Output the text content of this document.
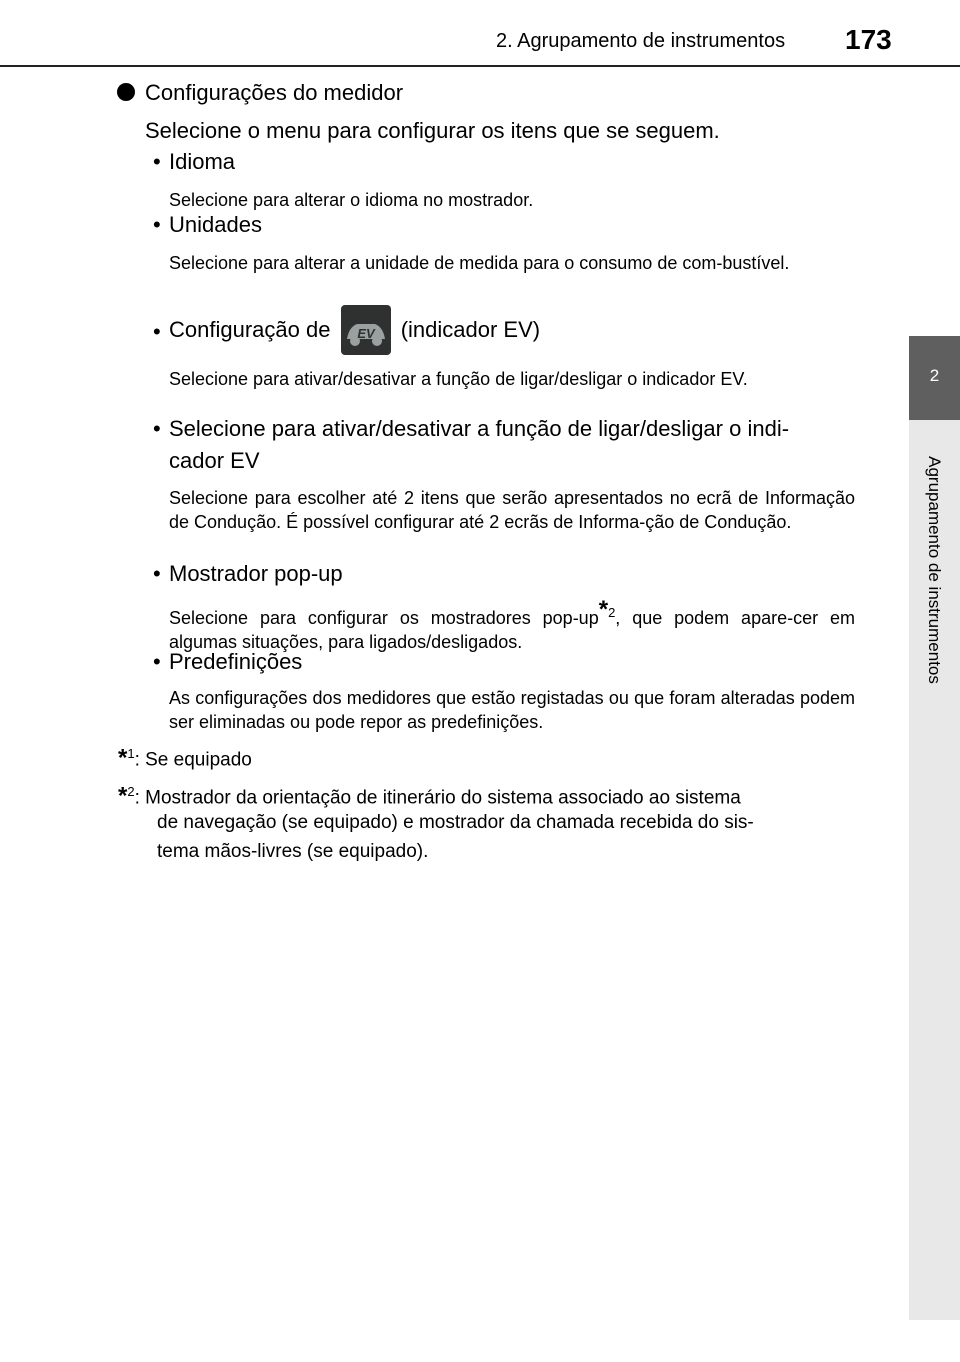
2. Agrupamento de instrumentos 173
2
Agrupamento de instrumentos
Configurações do medidor
Selecione o menu para configurar os itens que se seguem.
• Idioma
Selecione para alterar o idioma no mostrador.
• Unidades
Selecione para alterar a unidade de medida para o consumo de com-bustível.
• Configuração de EV (indicador EV)
Selecione para ativar/desativar a função de ligar/desligar o indicador EV.
• Selecione para ativar/desativar a função de ligar/desligar o indi-
cador EV
Selecione para escolher até 2 itens que serão apresentados no ecrã de Informação de Condução. É possível configurar até 2 ecrãs de Informa-ção de Condução.
• Mostrador pop-up
Selecione para configurar os mostradores pop-$up^{*2}$, que podem apare-cer em algumas situações, para ligados/desligados.
• Predefinições
As configurações dos medidores que estão registadas ou que foram alteradas podem ser eliminadas ou pode repor as predefinições.
*$^1$: Se equipado
*$^2$: Mostrador da orientação de itinerário do sistema associado ao sistema
de navegação (se equipado) e mostrador da chamada recebida do sis-
tema mãos-livres (se equipado).
